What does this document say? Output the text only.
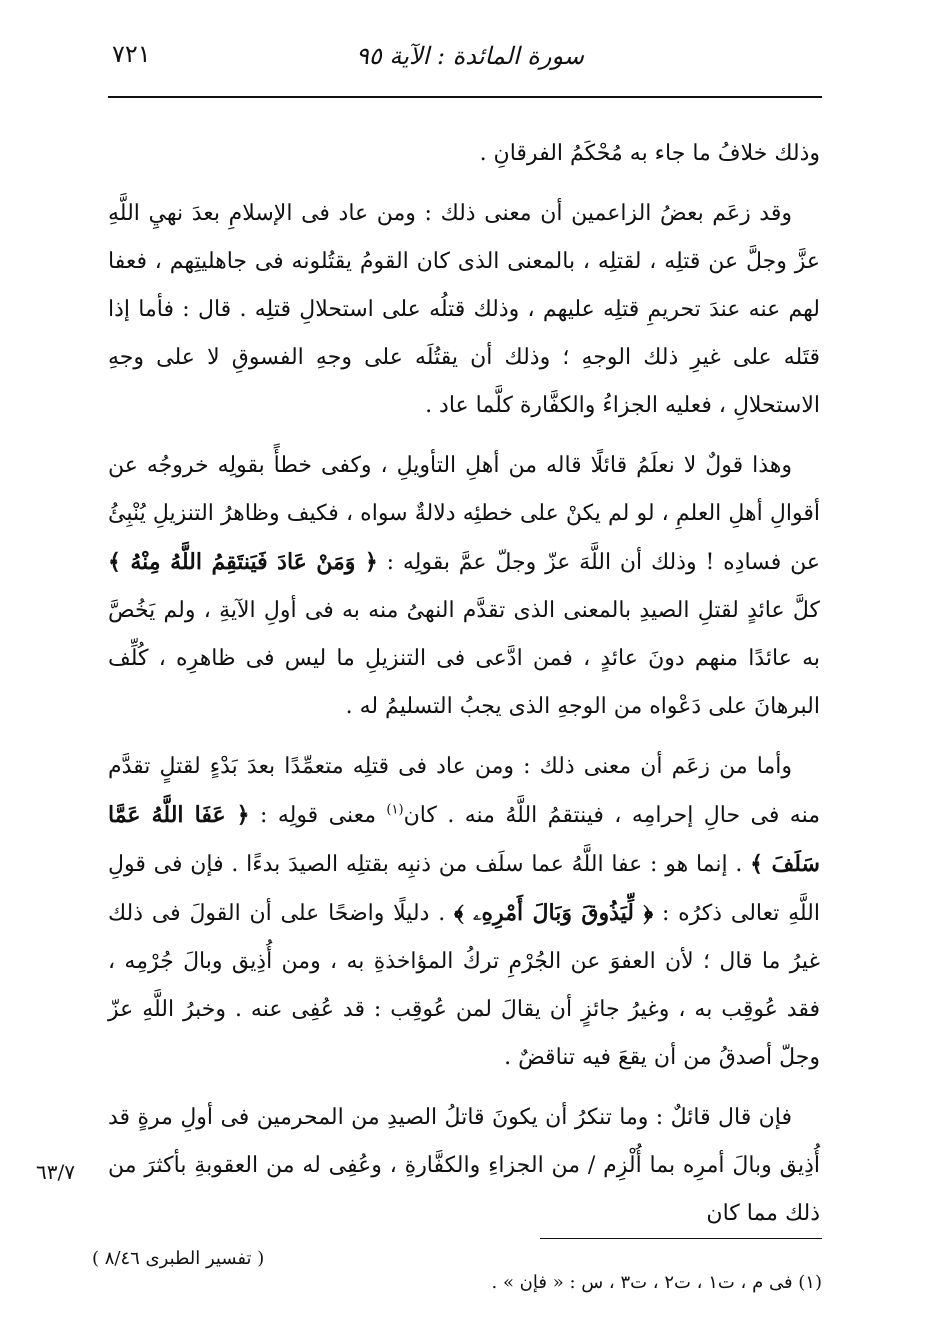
٧٢١	سورة المائدة : الآية ٩٥

وذلك خلافُ ما جاء به مُحْكَمُ الفرقانِ .

وقد زعَم بعضُ الزاعمين أن معنى ذلك : ومن عاد فى الإسلامِ بعدَ نهيِ اللَّهِ عزَّ وجلَّ عن قتلِه ، لقتلِه ، بالمعنى الذى كان القومُ يقتُلونه فى جاهليتِهم ، فعفا لهم عنه عندَ تحريمِ قتلِه عليهم ، وذلك قتلُه على استحلالِ قتلِه . قال : فأما إذا قتَله على غيرِ ذلك الوجهِ ؛ وذلك أن يقتُلَه على وجهِ الفسوقِ لا على وجهِ الاستحلالِ ، فعليه الجزاءُ والكفَّارة كلَّما عاد .

وهذا قولٌ لا نعلَمُ قائلًا قاله من أهلِ التأويلِ ، وكفى خطأً بقولِه خروجُه عن أقوالِ أهلِ العلمِ ، لو لم يكنْ على خطئِه دلالةٌ سواه ، فكيف وظاهرُ التنزيلِ يُنْبِئُ عن فسادِه ! وذلك أن اللَّهَ عزّ وجلّ عمَّ بقولِه : ﴿ وَمَنْ عَادَ فَيَنتَقِمُ اللَّهُ مِنْهُ ﴾ كلَّ عائدٍ لقتلِ الصيدِ بالمعنى الذى تقدَّم النهىُ منه به فى أولِ الآيةِ ، ولم يَخُصَّ به عائدًا منهم دونَ عائدٍ ، فمن ادَّعى فى التنزيلِ ما ليس فى ظاهرِه ، كُلِّف البرهانَ على دَعْواه من الوجهِ الذى يجبُ التسليمُ له .

وأما من زعَم أن معنى ذلك : ومن عاد فى قتلِه متعمِّدًا بعدَ بَدْءٍ لقتلٍ تقدَّم منه فى حالِ إحرامِه ، فينتقمُ اللَّهُ منه . كان$^{(١)}$ معنى قولِه : ﴿ عَفَا اللَّهُ عَمَّا سَلَفَ ﴾ . إنما هو : عفا اللَّهُ عما سلَف من ذنبِه بقتلِه الصيدَ بدءًا . فإن فى قولِ اللَّهِ تعالى ذكرُه : ﴿ لِّيَذُوقَ وَبَالَ أَمْرِهِۦ ﴾ . دليلًا واضحًا على أن القولَ فى ذلك غيرُ ما قال ؛ لأن العفوَ عن الجُرْمِ تركُ المؤاخذةِ به ، ومن أُذِيق وبالَ جُرْمِه ، فقد عُوقِب به ، وغيرُ جائزٍ أن يقالَ لمن عُوقِب : قد عُفِى عنه . وخبرُ اللَّهِ عزّ وجلّ أصدقُ من أن يقعَ فيه تناقضٌ .

فإن قال قائلٌ : وما تنكرُ أن يكونَ قاتلُ الصيدِ من المحرمين فى أولِ مرةٍ قد أُذِيق وبالَ أمرِه بما أُلْزِم / من الجزاءِ والكفَّارةِ ، وعُفِى له من العقوبةِ بأكثرَ من ذلك مما كان

٦٣/٧
( تفسير الطبرى ٨/٤٦ )
(١) فى م ، ت١ ، ت٢ ، ت٣ ، س : « فإن » .
